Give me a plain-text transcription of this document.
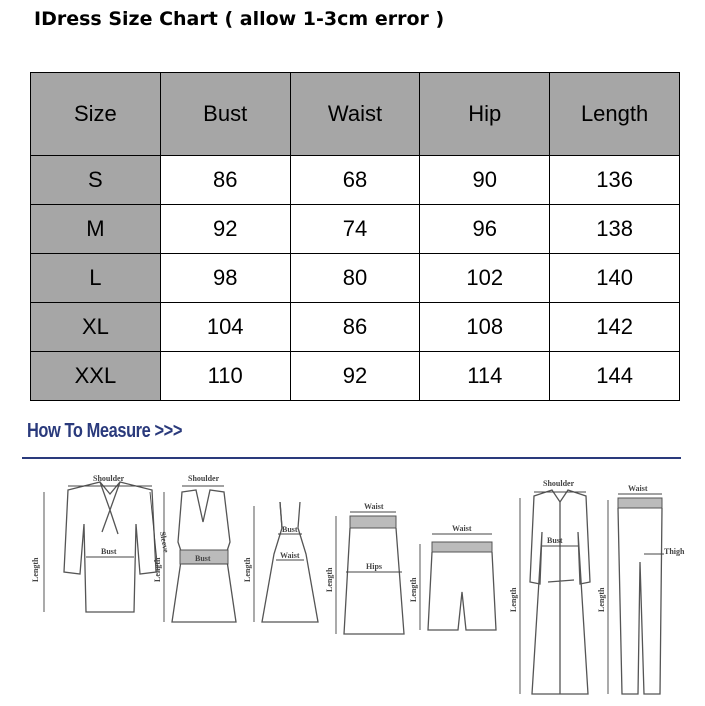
IDress Size Chart ( allow 1-3cm error )
Size	Bust	Waist	Hip	Length
S	86	68	90	136
M	92	74	96	138
L	98	80	102	140
XL	104	86	108	142
XXL	110	92	114	144
How To Measure >>>
Shoulder
Bust
Length
Sleeve
Shoulder
Bust
Length
Bust
Waist
Length
Waist
Hips
Length
Waist
Length
Shoulder
Bust
Length
Waist
Thigh
Length
